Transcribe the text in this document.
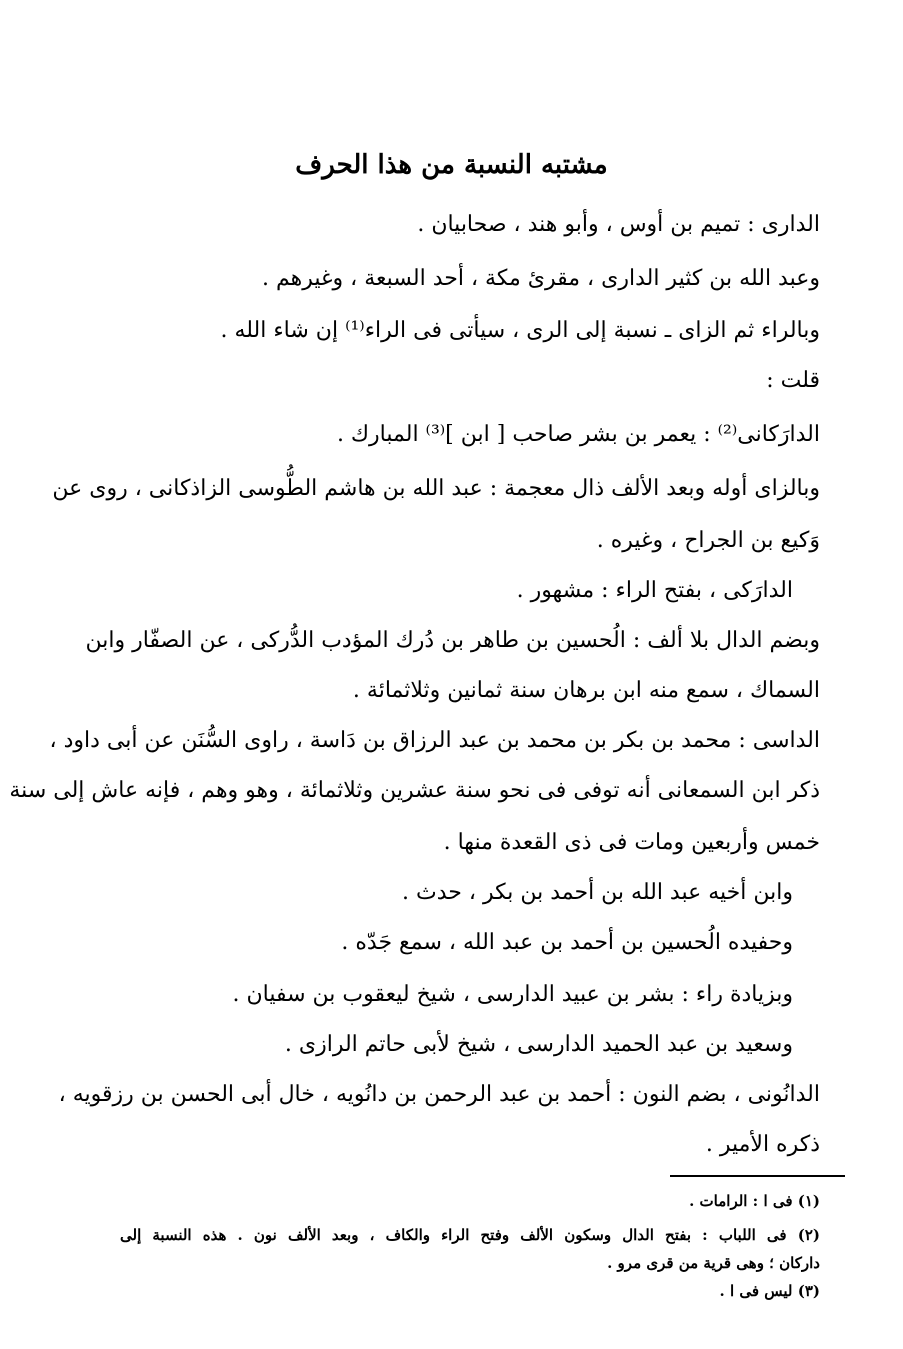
مشتبه النسبة من هذا الحرف
الدارى : تميم بن أوس ، وأبو هند ، صحابيان .
وعبد الله بن كثير الدارى ، مقرئ مكة ، أحد السبعة ، وغيرهم .
وبالراء ثم الزاى ـ نسبة إلى الرى ، سيأتى فى الراء⁽¹⁾ إن شاء الله .
قلت :
الدارَكانى⁽²⁾ : يعمر بن بشر صاحب [ ابن ]⁽³⁾ المبارك .
وبالزاى أوله وبعد الألف ذال معجمة : عبد الله بن هاشم الطُّوسى الزاذكانى ، روى عن
وَكيع بن الجراح ، وغيره .
الدارَكى ، بفتح الراء : مشهور .
وبضم الدال بلا ألف : الُحسين بن طاهر بن دُرك المؤدب الدُّركى ، عن الصفّار وابن
السماك ، سمع منه ابن برهان سنة ثمانين وثلاثمائة .
الداسى : محمد بن بكر بن محمد بن عبد الرزاق بن دَاسة ، راوى السُّنَن عن أبى داود ،
ذكر ابن السمعانى أنه توفى فى نحو سنة عشرين وثلاثمائة ، وهو وهم ، فإنه عاش إلى سنة
خمس وأربعين ومات فى ذى القعدة منها .
وابن أخيه عبد الله بن أحمد بن بكر ، حدث .
وحفيده الُحسين بن أحمد بن عبد الله ، سمع جَدّه .
وبزيادة راء : بشر بن عبيد الدارسى ، شيخ ليعقوب بن سفيان .
وسعيد بن عبد الحميد الدارسى ، شيخ لأبى حاتم الرازى .
الدانُونى ، بضم النون : أحمد بن عبد الرحمن بن دانُويه ، خال أبى الحسن بن رزقويه ،
ذكره الأمير .
(١) فى ا : الرامات .
(٢) فى اللباب : بفتح الدال وسكون الألف وفتح الراء والكاف ، وبعد الألف نون . هذه النسبة إلى
داركان ؛ وهى قرية من قرى مرو .
(٣) ليس فى ا .
